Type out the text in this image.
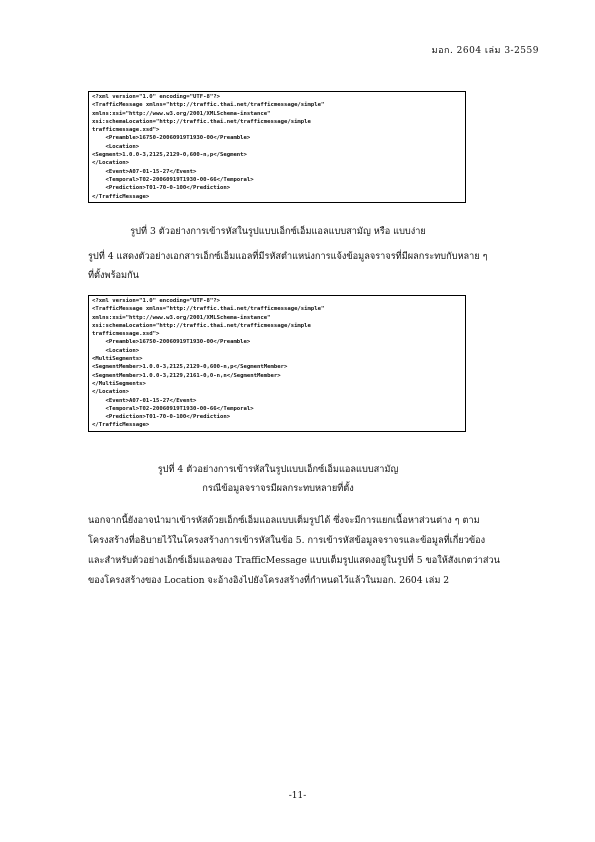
มอก. 2604 เล่ม 3-2559
<?xml version="1.0" encoding="UTF-8"?>
<TrafficMessage xmlns="http://traffic.thai.net/trafficmessage/simple"
xmlns:xsi="http://www.w3.org/2001/XMLSchema-instance"
xsi:schemaLocation="http://traffic.thai.net/trafficmessage/simple
trafficmessage.xsd">
<Preamble>16750-20060919T1930-00</Preamble>
<Location>
<Segment>1.0.0-3,2125,2129-0,600-n,p</Segment>
</Location>
<Event>A07-01-15-27</Event>
<Temporal>T02-20060919T1930-00-66</Temporal>
<Prediction>T01-70-0-100</Prediction>
</TrafficMessage>
รูปที่ 3 ตัวอย่างการเข้ารหัสในรูปแบบเอ็กซ์เอ็มแอลแบบสามัญ หรือ แบบง่าย
รูปที่ 4 แสดงตัวอย่างเอกสารเอ็กซ์เอ็มแอลที่มีรหัสตำแหน่งการแจ้งข้อมูลจราจรที่มีผลกระทบกับหลาย ๆ
ที่ตั้งพร้อมกัน
<?xml version="1.0" encoding="UTF-8"?>
<TrafficMessage xmlns="http://traffic.thai.net/trafficmessage/simple"
xmlns:xsi="http://www.w3.org/2001/XMLSchema-instance"
xsi:schemaLocation="http://traffic.thai.net/trafficmessage/simple
trafficmessage.xsd">
<Preamble>16750-20060919T1930-00</Preamble>
<Location>
<MultiSegments>
<SegmentMember>1.0.0-3,2125,2129-0,600-n,p</SegmentMember>
<SegmentMember>1.0.0-3,2129,2161-0,0-n,n</SegmentMember>
</MultiSegments>
</Location>
<Event>A07-01-15-27</Event>
<Temporal>T02-20060919T1930-00-66</Temporal>
<Prediction>T01-70-0-100</Prediction>
</TrafficMessage>
รูปที่ 4 ตัวอย่างการเข้ารหัสในรูปแบบเอ็กซ์เอ็มแอลแบบสามัญ
กรณีข้อมูลจราจรมีผลกระทบหลายที่ตั้ง
นอกจากนี้ยังอาจนำมาเข้ารหัสด้วยเอ็กซ์เอ็มแอลแบบเต็มรูปได้ ซึ่งจะมีการแยกเนื้อหาส่วนต่าง ๆ ตาม
โครงสร้างที่อธิบายไว้ในโครงสร้างการเข้ารหัสในข้อ 5. การเข้ารหัสข้อมูลจราจรและข้อมูลที่เกี่ยวข้อง
และสำหรับตัวอย่างเอ็กซ์เอ็มแอลของ TrafficMessage แบบเต็มรูปแสดงอยู่ในรูปที่ 5 ขอให้สังเกตว่าส่วน
ของโครงสร้างของ Location จะอ้างอิงไปยังโครงสร้างที่กำหนดไว้แล้วในมอก. 2604 เล่ม 2
-11-
